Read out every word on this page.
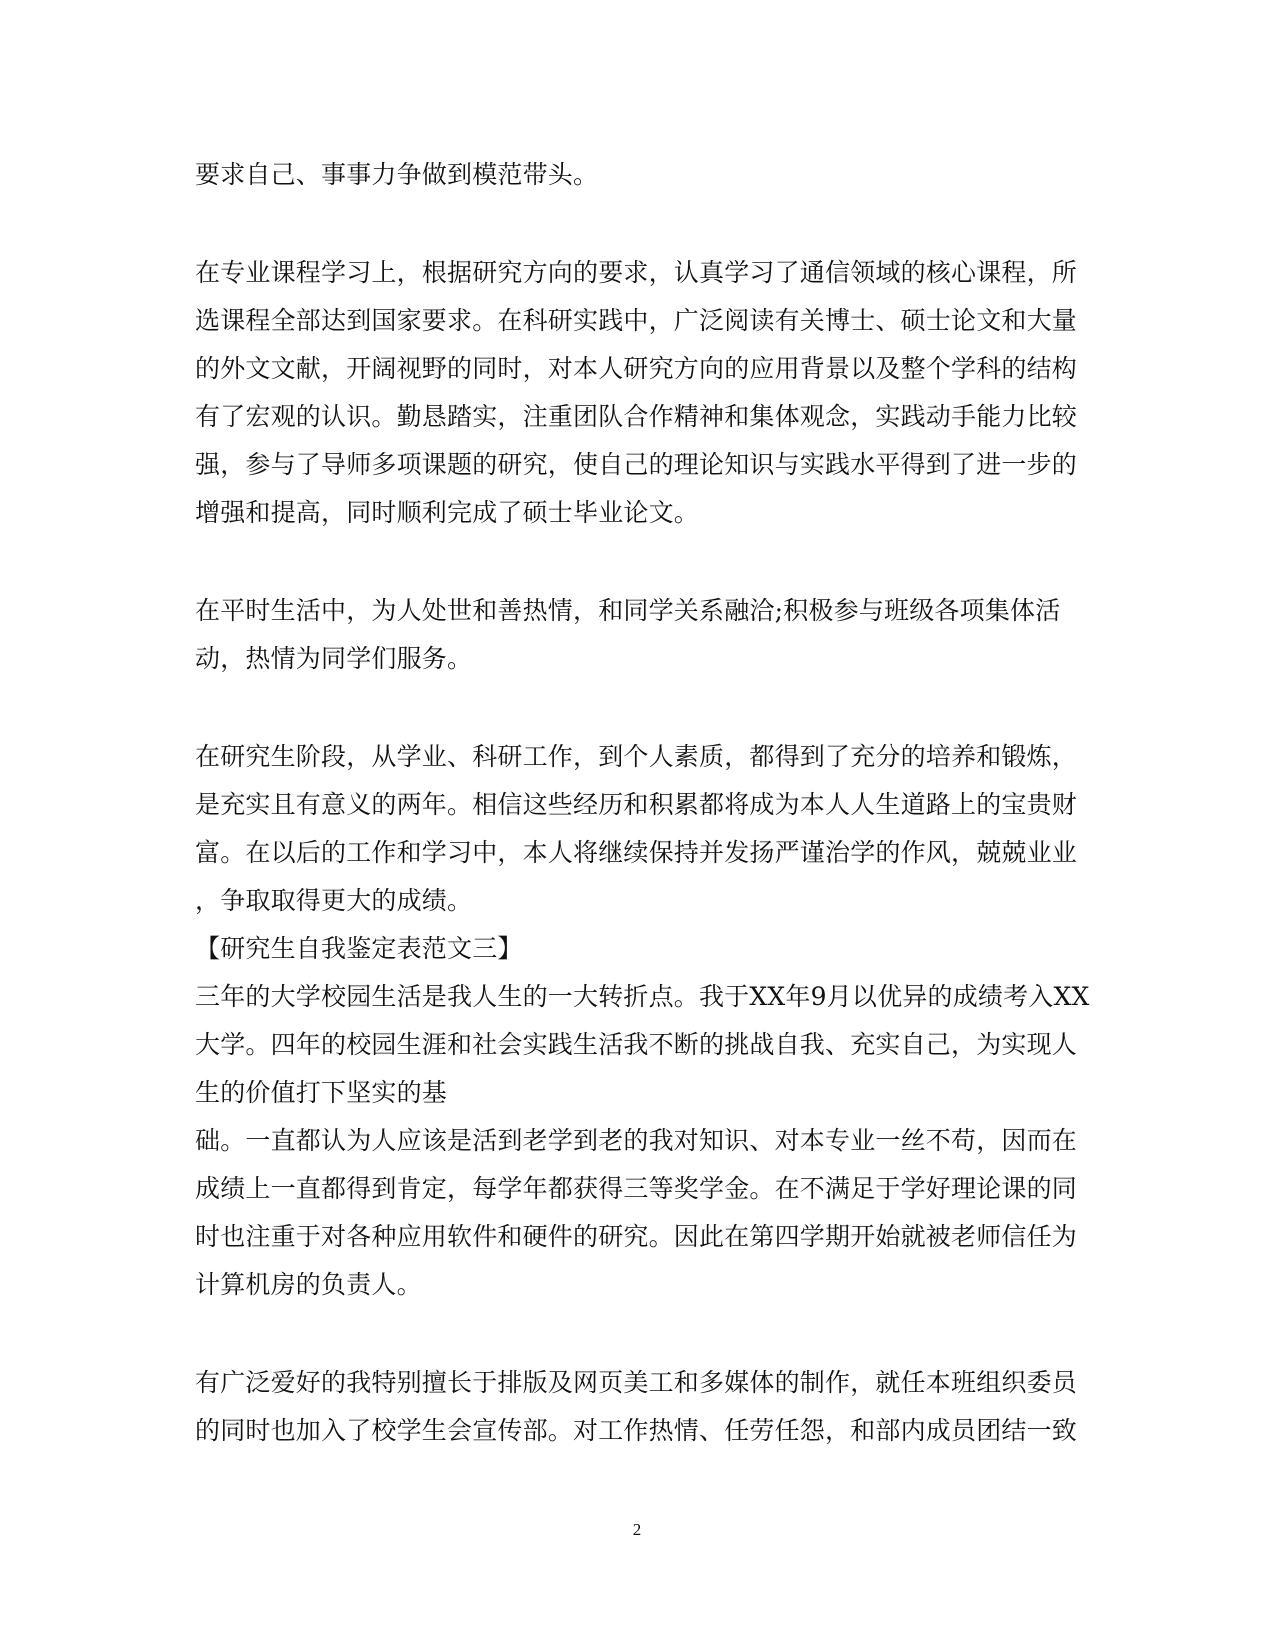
要求自己、事事力争做到模范带头。
在专业课程学习上，根据研究方向的要求，认真学习了通信领域的核心课程，所
选课程全部达到国家要求。在科研实践中，广泛阅读有关博士、硕士论文和大量
的外文文献，开阔视野的同时，对本人研究方向的应用背景以及整个学科的结构
有了宏观的认识。勤恳踏实，注重团队合作精神和集体观念，实践动手能力比较
强，参与了导师多项课题的研究，使自己的理论知识与实践水平得到了进一步的
增强和提高，同时顺利完成了硕士毕业论文。
在平时生活中，为人处世和善热情，和同学关系融洽;积极参与班级各项集体活
动，热情为同学们服务。
在研究生阶段，从学业、科研工作，到个人素质，都得到了充分的培养和锻炼，
是充实且有意义的两年。相信这些经历和积累都将成为本人人生道路上的宝贵财
富。在以后的工作和学习中，本人将继续保持并发扬严谨治学的作风，兢兢业业
，争取取得更大的成绩。
【研究生自我鉴定表范文三】
三年的大学校园生活是我人生的一大转折点。我于XX年9月以优异的成绩考入XX
大学。四年的校园生涯和社会实践生活我不断的挑战自我、充实自己，为实现人
生的价值打下坚实的基
础。一直都认为人应该是活到老学到老的我对知识、对本专业一丝不苟，因而在
成绩上一直都得到肯定，每学年都获得三等奖学金。在不满足于学好理论课的同
时也注重于对各种应用软件和硬件的研究。因此在第四学期开始就被老师信任为
计算机房的负责人。
有广泛爱好的我特别擅长于排版及网页美工和多媒体的制作，就任本班组织委员
的同时也加入了校学生会宣传部。对工作热情、任劳任怨，和部内成员团结一致
2
